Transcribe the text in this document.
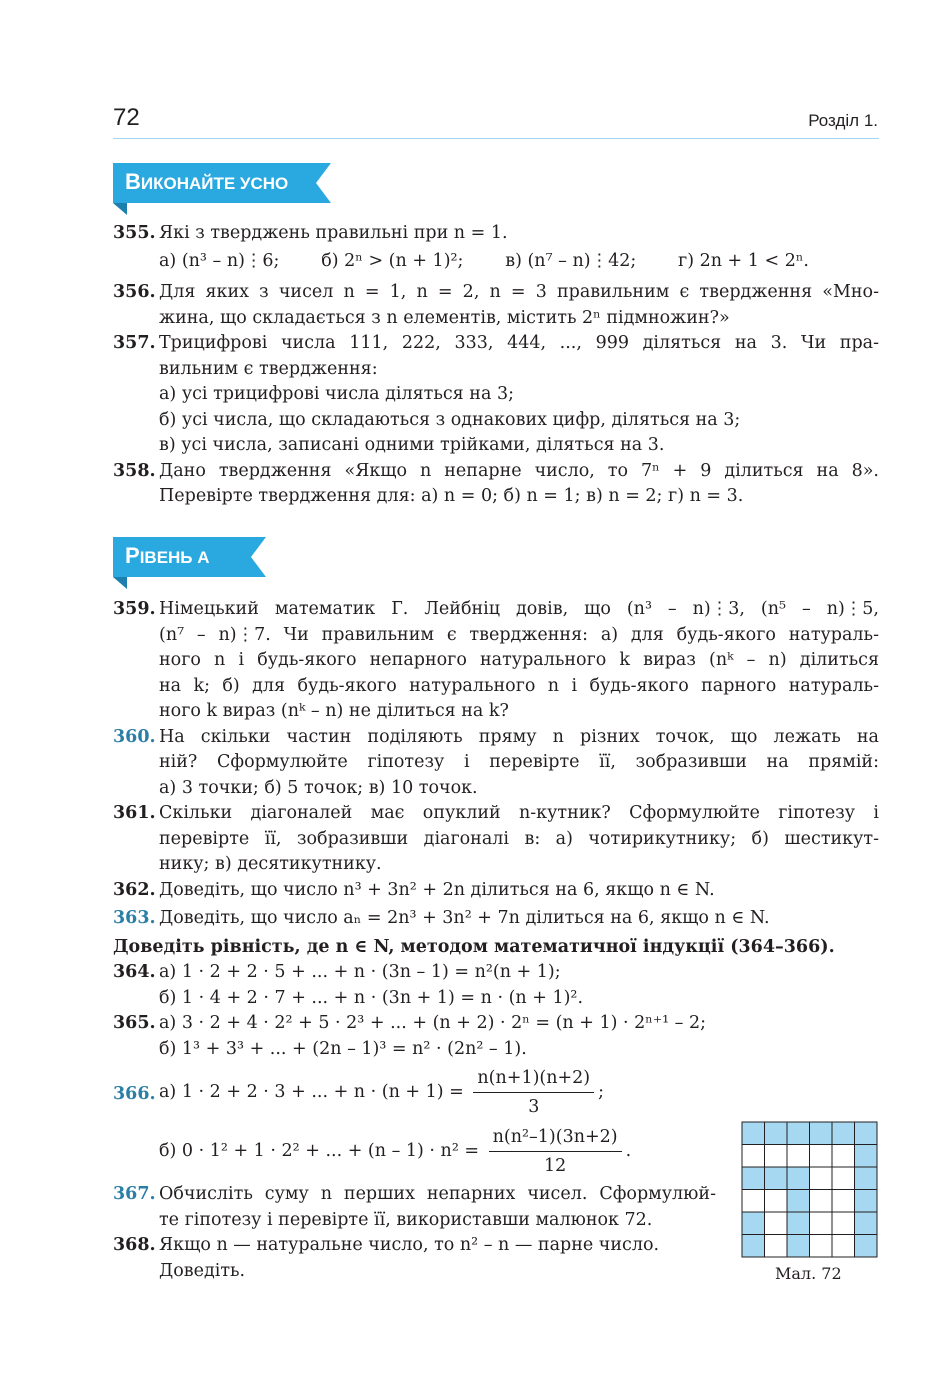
72	Розділ 1.
ВИКОНАЙТЕ УСНО
355. Які з тверджень правильні при n = 1.
а) (n³ – n)⋮6; б) 2ⁿ > (n + 1)²; в) (n⁷ – n)⋮42; г) 2n + 1 < 2ⁿ.
356. Для яких з чисел n = 1, n = 2, n = 3 правильним є твердження «Мно-
жина, що складається з n елементів, містить 2ⁿ підмножин?»
357. Трицифрові числа 111, 222, 333, 444, ..., 999 діляться на 3. Чи пра-
вильним є твердження:
а) усі трицифрові числа діляться на 3;
б) усі числа, що складаються з однакових цифр, діляться на 3;
в) усі числа, записані одними трійками, діляться на 3.
358. Дано твердження «Якщо n непарне число, то 7ⁿ + 9 ділиться на 8».
Перевірте твердження для: а) n = 0; б) n = 1; в) n = 2; г) n = 3.
РІВЕНЬ А
359. Німецький математик Г. Лейбніц довів, що (n³ – n)⋮3, (n⁵ – n)⋮5,
(n⁷ – n)⋮7. Чи правильним є твердження: а) для будь-якого натураль-
ного n і будь-якого непарного натурального k вираз (nᵏ – n) ділиться
на k; б) для будь-якого натурального n і будь-якого парного натураль-
ного k вираз (nᵏ – n) не ділиться на k?
360. На скільки частин поділяють пряму n різних точок, що лежать на
ній? Сформулюйте гіпотезу і перевірте її, зобразивши на прямій:
а) 3 точки; б) 5 точок; в) 10 точок.
361. Скільки діагоналей має опуклий n-кутник? Сформулюйте гіпотезу і
перевірте її, зобразивши діагоналі в: а) чотирикутнику; б) шестикут-
нику; в) десятикутнику.
362. Доведіть, що число n³ + 3n² + 2n ділиться на 6, якщо n ∈ N.
363. Доведіть, що число aₙ = 2n³ + 3n² + 7n ділиться на 6, якщо n ∈ N.
Доведіть рівність, де n ∈ N, методом математичної індукції (364–366).
364. а) 1 · 2 + 2 · 5 + ... + n · (3n – 1) = n²(n + 1);
б) 1 · 4 + 2 · 7 + ... + n · (3n + 1) = n · (n + 1)².
365. а) 3 · 2 + 4 · 2² + 5 · 2³ + ... + (n + 2) · 2ⁿ = (n + 1) · 2ⁿ⁺¹ – 2;
б) 1³ + 3³ + ... + (2n – 1)³ = n² · (2n² – 1).
366. а) 1 · 2 + 2 · 3 + ... + $n \cdot (n + 1) = \frac{n(n+1)(n+2)}{3}$ ;
б) 0 · 1² + 1 · 2² + ... + $(n - 1) \cdot n^2 = \frac{\text{n(n²–1)(3n+2)}}{12}$ .
367. Обчисліть суму n перших непарних чисел. Сформулюй-
те гіпотезу і перевірте її, використавши малюнок 72.
368. Якщо n — натуральне число, то n² – n — парне число.
Доведіть.	Мал. 72
